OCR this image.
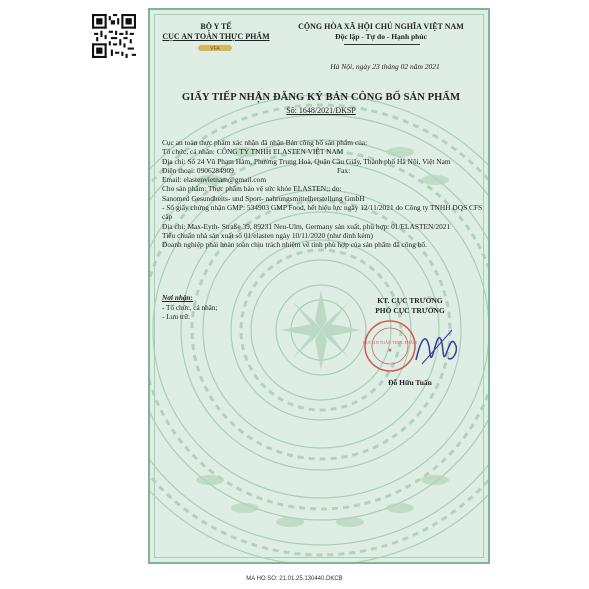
BỘ Y TẾ
CỤC AN TOÀN THỰC PHẨM
VFA
CỘNG HÒA XÃ HỘI CHỦ NGHĨA VIỆT NAM
Độc lập - Tự do - Hạnh phúc
Hà Nội, ngày 23 tháng 02 năm 2021
GIẤY TIẾP NHẬN ĐĂNG KÝ BẢN CÔNG BỐ SẢN PHẨM
Số: 1648/2021/ĐKSP

Cục an toàn thực phẩm xác nhận đã nhận Bản công bố sản phẩm của:

Tổ chức, cá nhân: CÔNG TY TNHH ELASTEN VIỆT NAM

Địa chỉ: Số 24 Vũ Phạm Hàm, Phường Trung Hoà, Quận Cầu Giấy, Thành phố Hà Nội, Việt Nam

Điện thoại: 0906284909	Fax:

Email: elastenvietnam@gmail.com

Cho sản phẩm: Thực phẩm bảo vệ sức khỏe ELASTEN;; do:

Sanomed Gesundheits- und Sport- nahrungsmittelherstellung GmbH

- Số giấy chứng nhận GMP: 534903 GMP Food, hết hiệu lực ngày 12/11/2021 do Công ty TNHH DQS CFS cấp

Địa chỉ: Max-Eyth- Straße 39, 89231 Neu-Ulm, Germany sản xuất, phù hợp: 01/ELASTEN/2021

Tiêu chuẩn nhà sản xuất số 01/elasten ngày 10/11/2020 (như đính kèm)

Doanh nghiệp phải hoàn toàn chịu trách nhiệm về tính phù hợp của sản phẩm đã công bố.

Nơi nhận:
- Tổ chức, cá nhân;
- Lưu trữ.
KT. CỤC TRƯỞNG
PHÓ CỤC TRƯỞNG
CỤC AN TOÀN THỰC PHẨM
★
Đỗ Hữu Tuấn
MA HO SO: 21.01.25.130440.DKCB
